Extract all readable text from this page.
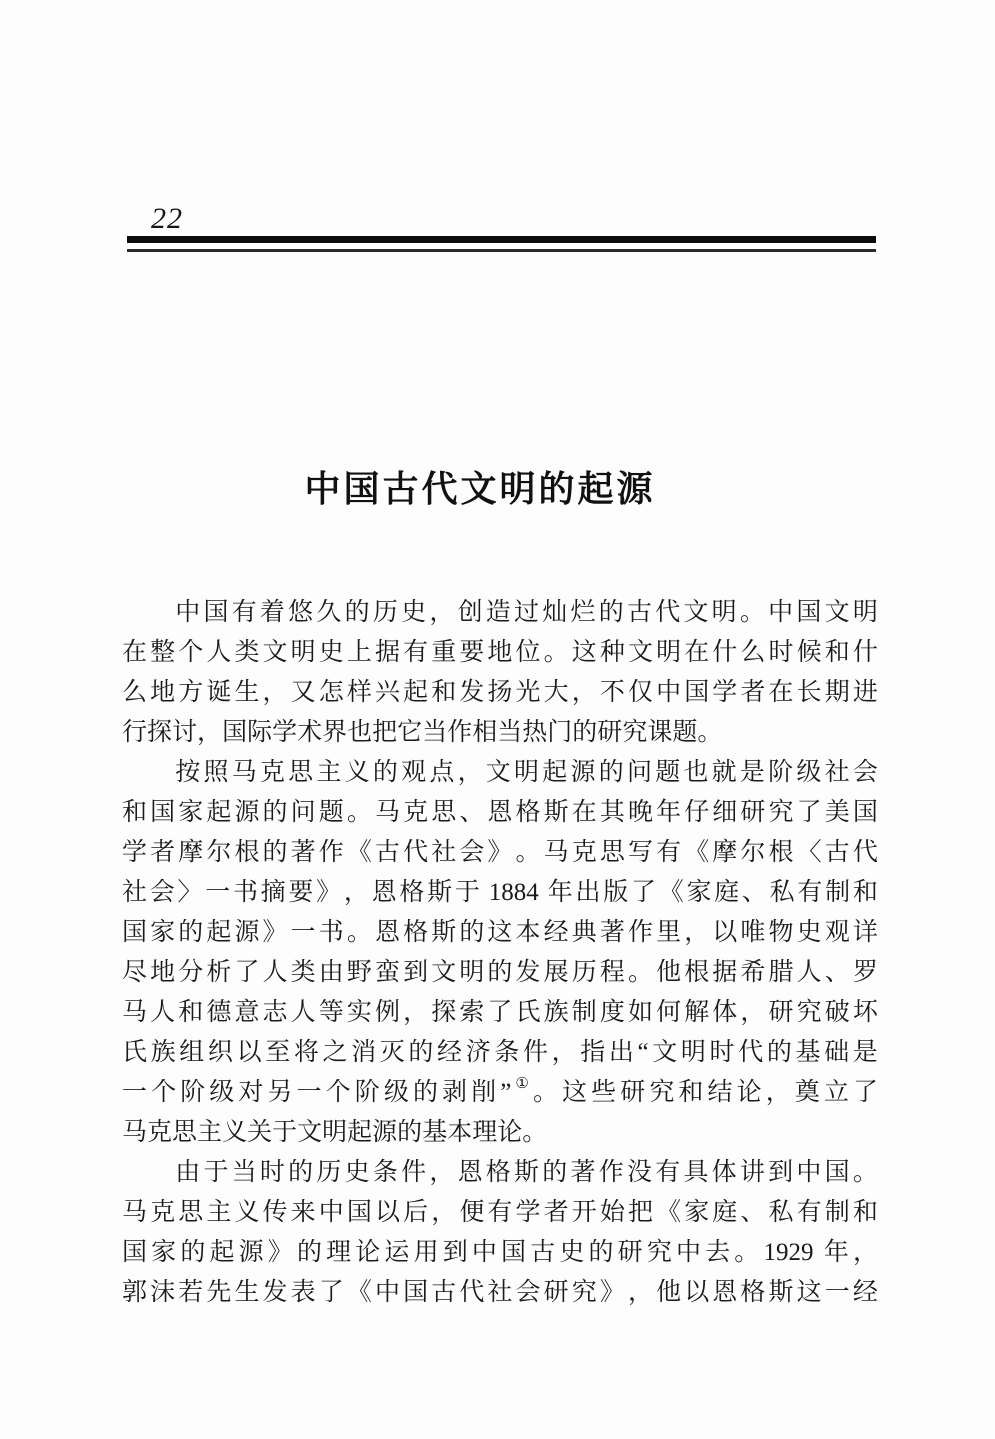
22
中国古代文明的起源
中 国 有 着 悠 久 的 历 史 ， 创 造 过 灿 烂 的 古 代 文 明 。 中 国 文 明
在 整 个 人 类 文 明 史 上 据 有 重 要 地 位 。 这 种 文 明 在 什 么 时 候 和 什
么 地 方 诞 生 ， 又 怎 样 兴 起 和 发 扬 光 大 ， 不 仅 中 国 学 者 在 长 期 进
行探讨，国际学术界也把它当作相当热门的研究课题。
按 照 马 克 思 主 义 的 观 点 ， 文 明 起 源 的 问 题 也 就 是 阶 级 社 会
和 国 家 起 源 的 问 题 。 马 克 思 、 恩 格 斯 在 其 晚 年 仔 细 研 究 了 美 国
学 者 摩 尔 根 的 著 作 《 古 代 社 会 》 。 马 克 思 写 有 《 摩 尔 根 〈 古 代
社 会 〉 一 书 摘 要 》 ， 恩 格 斯 于 1884 年 出 版 了 《 家 庭 、 私 有 制 和
国 家 的 起 源 》 一 书 。 恩 格 斯 的 这 本 经 典 著 作 里 ， 以 唯 物 史 观 详
尽 地 分 析 了 人 类 由 野 蛮 到 文 明 的 发 展 历 程 。 他 根 据 希 腊 人 、 罗
马 人 和 德 意 志 人 等 实 例 ， 探 索 了 氏 族 制 度 如 何 解 体 ， 研 究 破 坏
氏 族 组 织 以 至 将 之 消 灭 的 经 济 条 件 ， 指 出 “ 文 明 时 代 的 基 础 是
一 个 阶 级 对 另 一 个 阶 级 的 剥 削 ” ① 。 这 些 研 究 和 结 论 ， 奠 立 了
马克思主义关于文明起源的基本理论。
由 于 当 时 的 历 史 条 件 ， 恩 格 斯 的 著 作 没 有 具 体 讲 到 中 国 。
马 克 思 主 义 传 来 中 国 以 后 ， 便 有 学 者 开 始 把 《 家 庭 、 私 有 制 和
国 家 的 起 源 》 的 理 论 运 用 到 中 国 古 史 的 研 究 中 去 。 1929 年 ，
郭 沫 若 先 生 发 表 了 《 中 国 古 代 社 会 研 究 》 ， 他 以 恩 格 斯 这 一 经
